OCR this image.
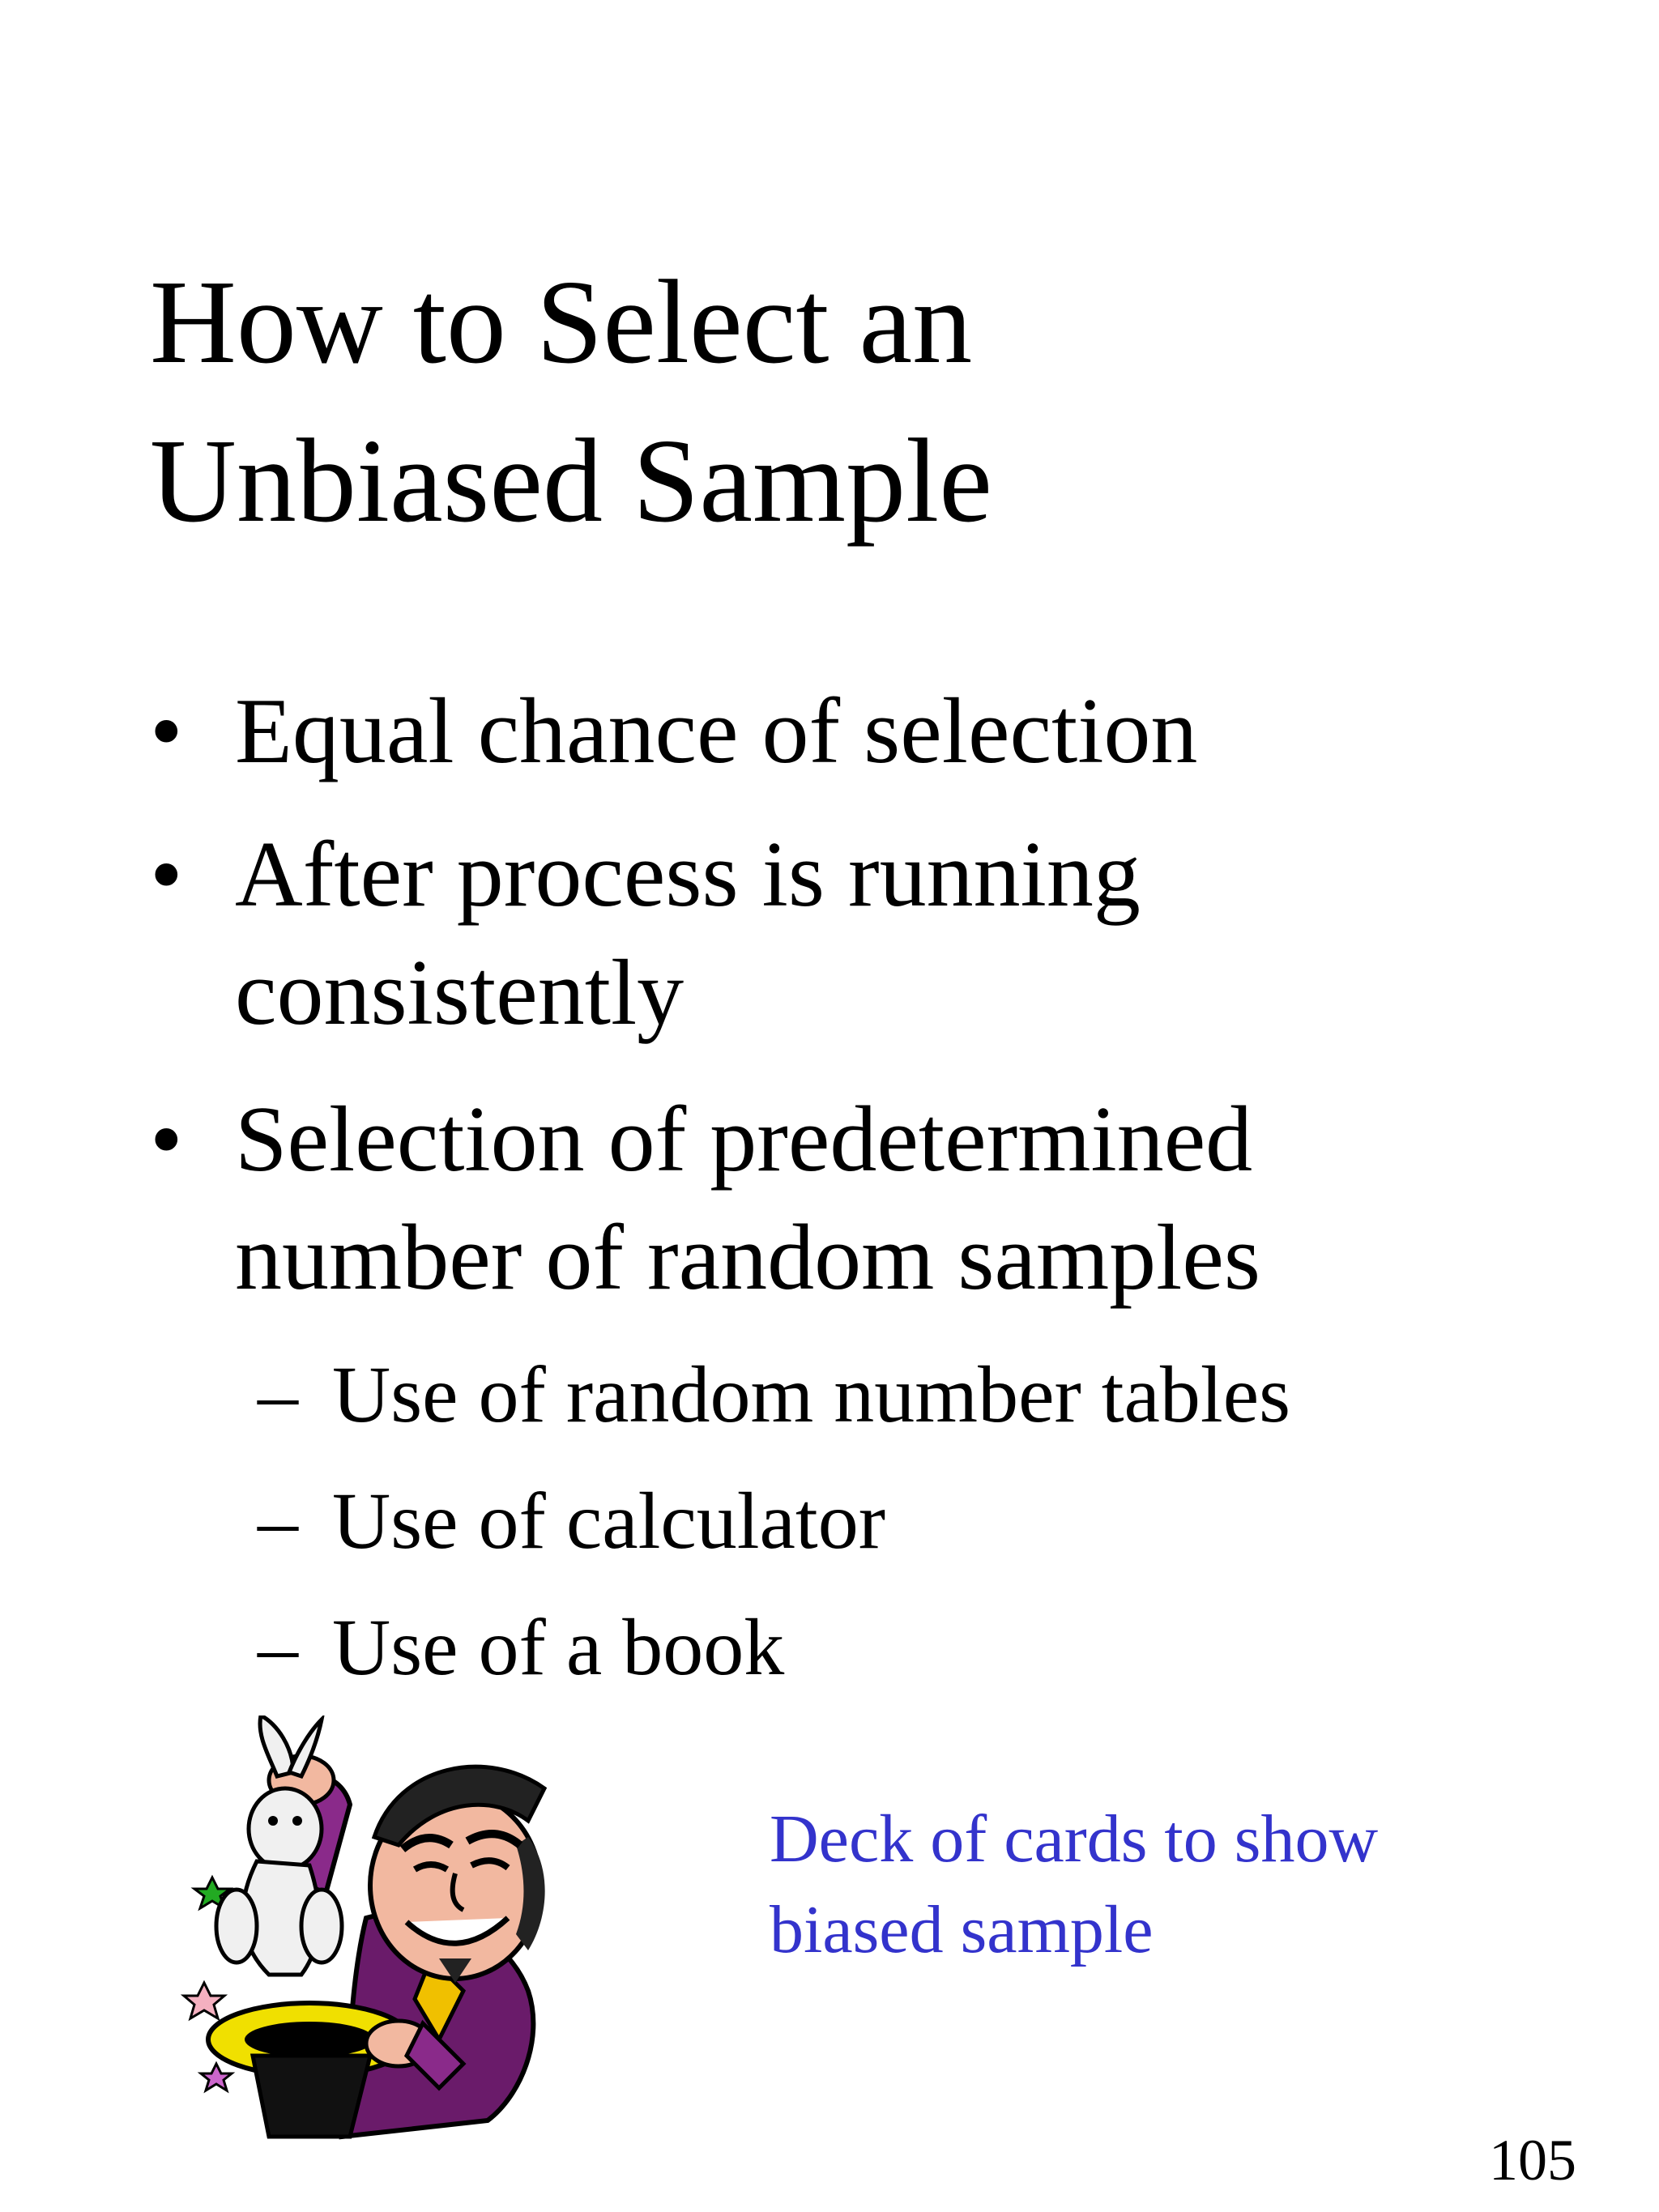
How to Select an
Unbiased Sample
• Equal chance of selection
• After process is running
consistently
• Selection of predetermined
number of random samples
– Use of random number tables
– Use of calculator
– Use of a book
Deck of cards to show
biased sample
105
